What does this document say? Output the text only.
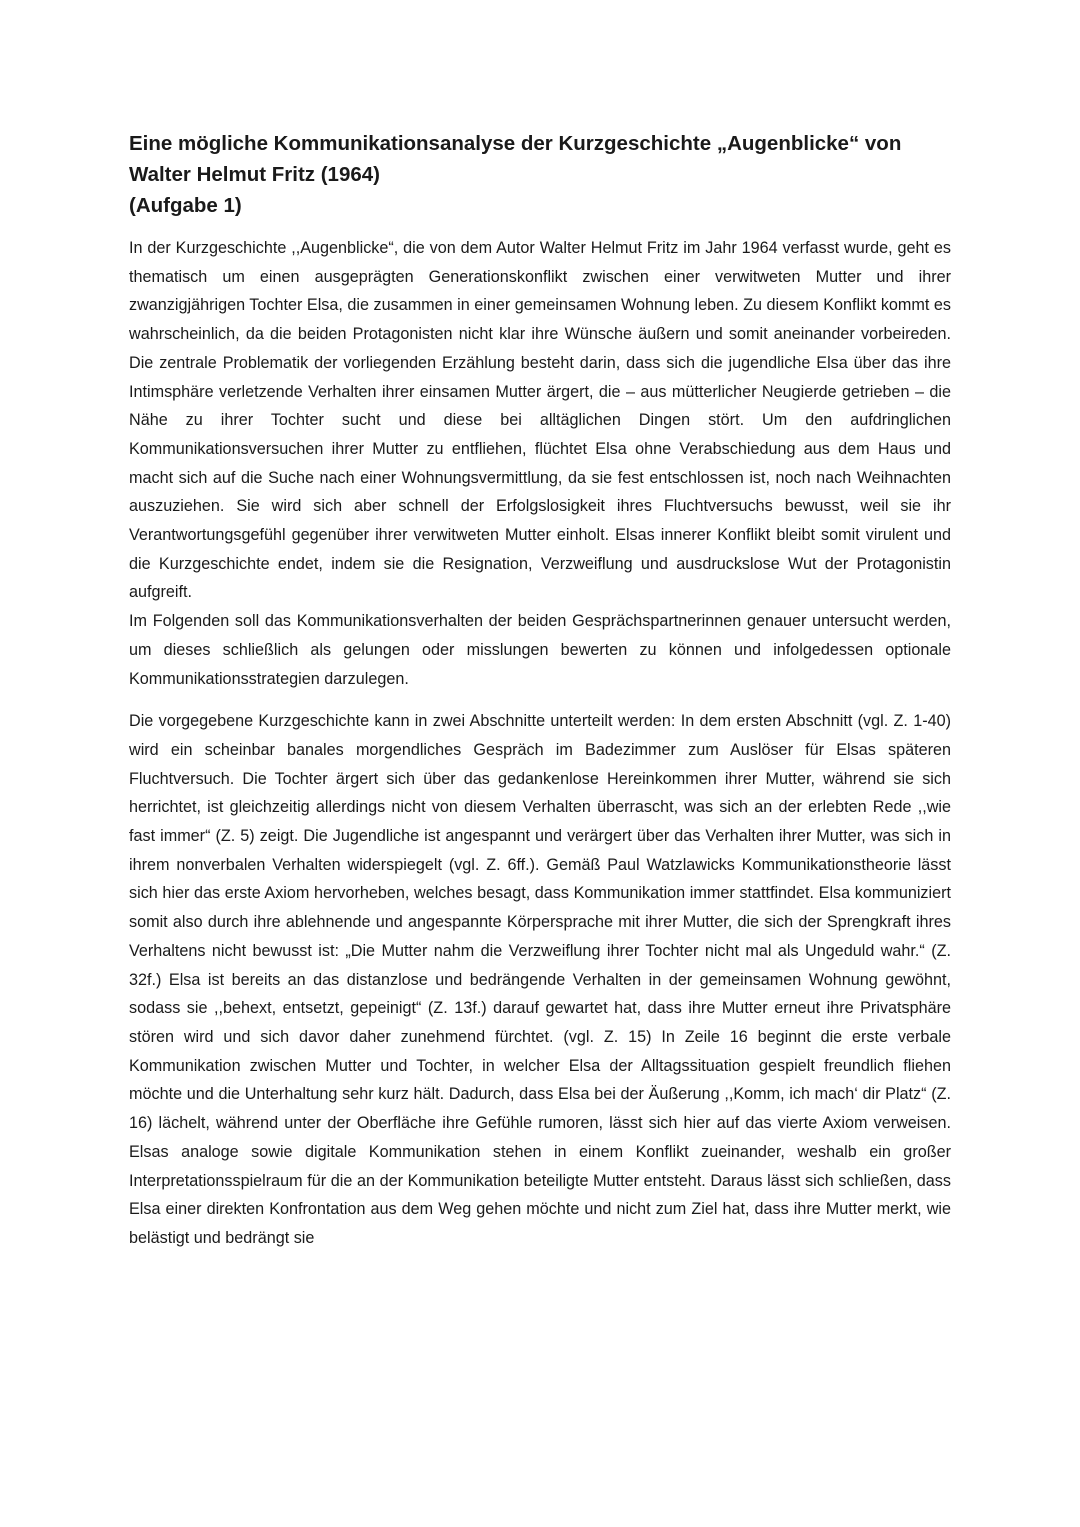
Eine mögliche Kommunikationsanalyse der Kurzgeschichte „Augenblicke“ von
Walter Helmut Fritz (1964)
(Aufgabe 1)

In der Kurzgeschichte ,,Augenblicke“, die von dem Autor Walter Helmut Fritz im Jahr 1964 verfasst wurde, geht es thematisch um einen ausgeprägten Generationskonflikt zwischen einer verwitweten Mutter und ihrer zwanzigjährigen Tochter Elsa, die zusammen in einer gemeinsamen Wohnung leben. Zu diesem Konflikt kommt es wahrscheinlich, da die beiden Protagonisten nicht klar ihre Wünsche äußern und somit aneinander vorbeireden. Die zentrale Problematik der vorliegenden Erzählung besteht darin, dass sich die jugendliche Elsa über das ihre Intimsphäre verletzende Verhalten ihrer einsamen Mutter ärgert, die – aus mütterlicher Neugierde getrieben – die Nähe zu ihrer Tochter sucht und diese bei alltäglichen Dingen stört. Um den aufdringlichen Kommunikationsversuchen ihrer Mutter zu entfliehen, flüchtet Elsa ohne Verabschiedung aus dem Haus und macht sich auf die Suche nach einer Wohnungsvermittlung, da sie fest entschlossen ist, noch nach Weihnachten auszuziehen. Sie wird sich aber schnell der Erfolgslosigkeit ihres Fluchtversuchs bewusst, weil sie ihr Verantwortungsgefühl gegenüber ihrer verwitweten Mutter einholt. Elsas innerer Konflikt bleibt somit virulent und die Kurzgeschichte endet, indem sie die Resignation, Verzweiflung und ausdruckslose Wut der Protagonistin aufgreift.

Im Folgenden soll das Kommunikationsverhalten der beiden Gesprächspartnerinnen genauer untersucht werden, um dieses schließlich als gelungen oder misslungen bewerten zu können und infolgedessen optionale Kommunikationsstrategien darzulegen.

Die vorgegebene Kurzgeschichte kann in zwei Abschnitte unterteilt werden: In dem ersten Abschnitt (vgl. Z. 1-40) wird ein scheinbar banales morgendliches Gespräch im Badezimmer zum Auslöser für Elsas späteren Fluchtversuch. Die Tochter ärgert sich über das gedankenlose Hereinkommen ihrer Mutter, während sie sich herrichtet, ist gleichzeitig allerdings nicht von diesem Verhalten überrascht, was sich an der erlebten Rede ,,wie fast immer“ (Z. 5) zeigt. Die Jugendliche ist angespannt und verärgert über das Verhalten ihrer Mutter, was sich in ihrem nonverbalen Verhalten widerspiegelt (vgl. Z. 6ff.). Gemäß Paul Watzlawicks Kommunikationstheorie lässt sich hier das erste Axiom hervorheben, welches besagt, dass Kommunikation immer stattfindet. Elsa kommuniziert somit also durch ihre ablehnende und angespannte Körpersprache mit ihrer Mutter, die sich der Sprengkraft ihres Verhaltens nicht bewusst ist: „Die Mutter nahm die Verzweiflung ihrer Tochter nicht mal als Ungeduld wahr.“ (Z. 32f.) Elsa ist bereits an das distanzlose und bedrängende Verhalten in der gemeinsamen Wohnung gewöhnt, sodass sie ,,behext, entsetzt, gepeinigt“ (Z. 13f.) darauf gewartet hat, dass ihre Mutter erneut ihre Privatsphäre stören wird und sich davor daher zunehmend fürchtet. (vgl. Z. 15) In Zeile 16 beginnt die erste verbale Kommunikation zwischen Mutter und Tochter, in welcher Elsa der Alltagssituation gespielt freundlich fliehen möchte und die Unterhaltung sehr kurz hält. Dadurch, dass Elsa bei der Äußerung ,,Komm, ich mach‘ dir Platz“ (Z. 16) lächelt, während unter der Oberfläche ihre Gefühle rumoren, lässt sich hier auf das vierte Axiom verweisen. Elsas analoge sowie digitale Kommunikation stehen in einem Konflikt zueinander, weshalb ein großer Interpretationsspielraum für die an der Kommunikation beteiligte Mutter entsteht. Daraus lässt sich schließen, dass Elsa einer direkten Konfrontation aus dem Weg gehen möchte und nicht zum Ziel hat, dass ihre Mutter merkt, wie belästigt und bedrängt sie
